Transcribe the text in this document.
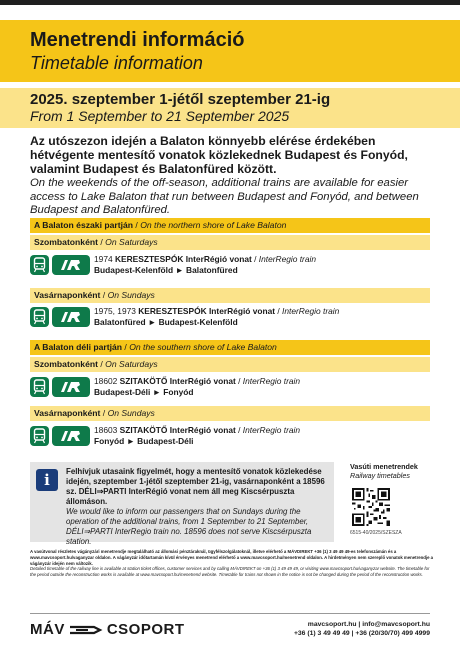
Menetrendi információ
Timetable information
2025. szeptember 1-jétől szeptember 21-ig
From 1 September to 21 September 2025
Az utószezon idején a Balaton könnyebb elérése érdekében hétvégente mentesítő vonatok közlekednek Budapest és Fonyód, valamint Budapest és Balatonfüred között.
On the weekends of the off-season, additional trains are available for easier access to Lake Balaton that run between Budapest and Fonyód, and between Budapest and Balatonfüred.
A Balaton északi partján / On the northern shore of Lake Balaton
Szombatonként / On Saturdays
1974 KERESZTESPÓK InterRégió vonat / InterRegio train
Budapest-Kelenföld ► Balatonfüred
Vasárnaponként / On Sundays
1975, 1973 KERESZTESPÓK InterRégió vonat / InterRegio train
Balatonfüred ► Budapest-Kelenföld
A Balaton déli partján / On the southern shore of Lake Balaton
Szombatonként / On Saturdays
18602 SZITAKÖTŐ InterRégió vonat / InterRegio train
Budapest-Déli ► Fonyód
Vasárnaponként / On Sundays
18603 SZITAKÖTŐ InterRégió vonat / InterRegio train
Fonyód ► Budapest-Déli
i	Felhívjuk utasaink figyelmét, hogy a mentesítő vonatok közlekedése idején, szeptember 1-jétől szeptember 21-ig, vasárnaponként a 18596 sz. DÉLI⇒PARTI InterRégió vonat nem áll meg Kiscsérpuszta állomáson.
We would like to inform our passengers that on Sundays during the operation of the additional trains, from 1 September to 21 September, DÉLI⇒PARTI InterRegio train no. 18596 does not serve Kiscsérpuszta station.
Vasúti menetrendek
Railway timetables
6515-40/2025/SZESZA
A vasútvonal részletes vágányzári menetrendje megtalálható az állomási pénztáraknál, ügyfélszolgálatoknál, illetve elérhető a MÁVDIREKT +36 (1) 3 49 49 49-es telefonszámán és a www.mavcsoport.hu/vaganyzar oldalon. A vágányzár időtartamán kívül érvényes menetrend elérhető a www.mavcsoport.hu/menetrend oldalon. A hirdetményen nem szereplő vonatok menetrendje a vágányzár idején nem változik.
Detailed timetable of the railway line is available at station ticket offices, customer services and by calling MÁVDIREKT on +36 (1) 3 49 49 49, or visiting www.mavcsoport.hu/vaganyzar website. The timetable for the period outside the reconstruction works is available at www.mavcsoport.hu/menetrend website. Timetable for trains not shown in the notice is not be changed during the period of the reconstruction works.
MÁV	CSOPORT	mavcsoport.hu | info@mavcsoport.hu
+36 (1) 3 49 49 49 | +36 (20/30/70) 499 4999
